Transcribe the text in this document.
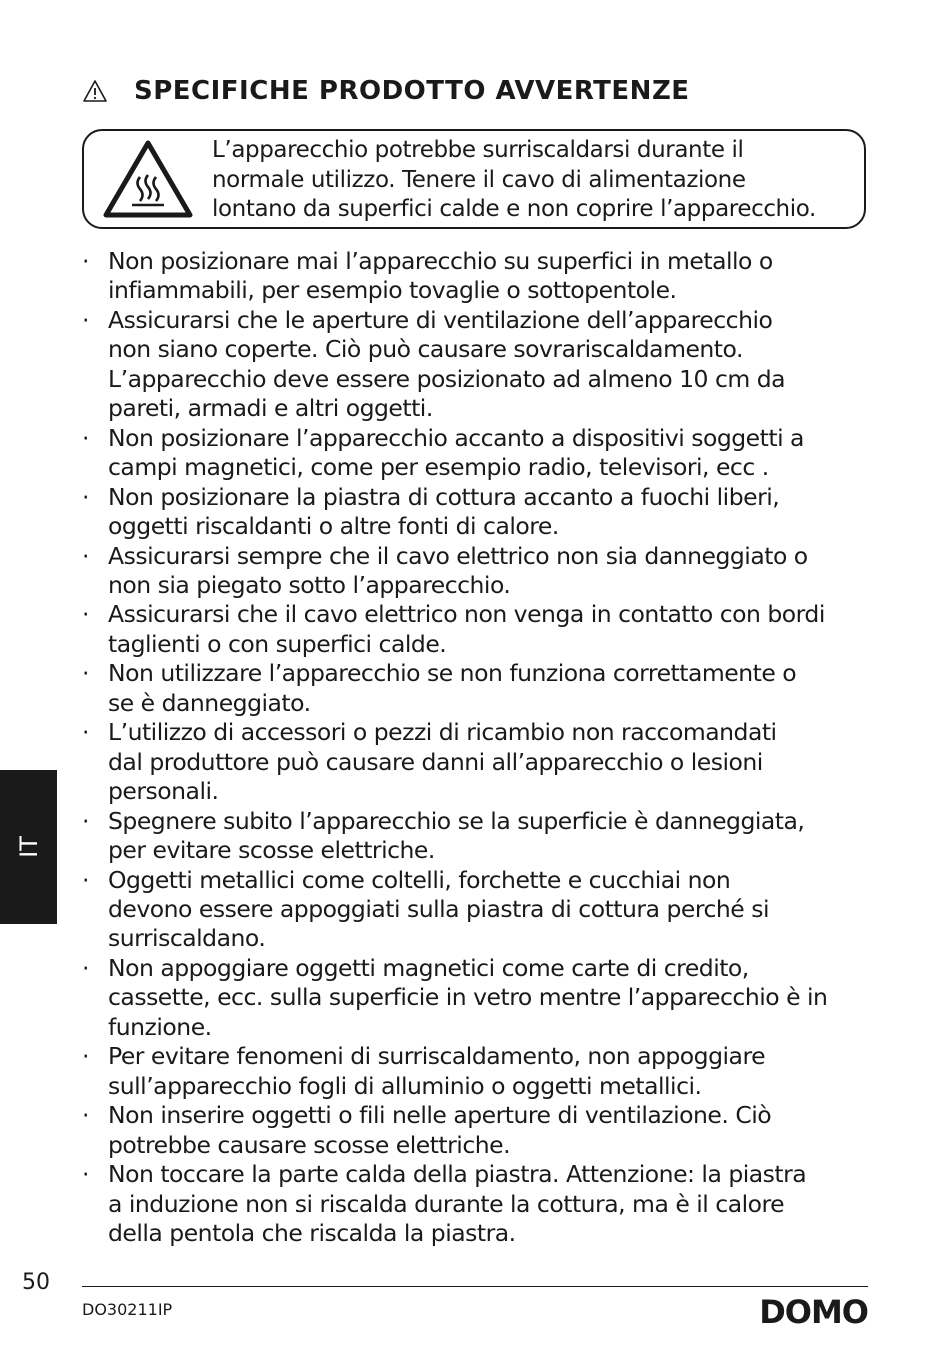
SPECIFICHE PRODOTTO AVVERTENZE
L’apparecchio potrebbe surriscaldarsi durante il
normale utilizzo. Tenere il cavo di alimentazione
lontano da superfici calde e non coprire l’apparecchio.
· Non posizionare mai l’apparecchio su superfici in metallo o
infiammabili, per esempio tovaglie o sottopentole.
· Assicurarsi che le aperture di ventilazione dell’apparecchio
non siano coperte. Ciò può causare sovrariscaldamento.
L’apparecchio deve essere posizionato ad almeno 10 cm da
pareti, armadi e altri oggetti.
· Non posizionare l’apparecchio accanto a dispositivi soggetti a
campi magnetici, come per esempio radio, televisori, ecc .
· Non posizionare la piastra di cottura accanto a fuochi liberi,
oggetti riscaldanti o altre fonti di calore.
· Assicurarsi sempre che il cavo elettrico non sia danneggiato o
non sia piegato sotto l’apparecchio.
· Assicurarsi che il cavo elettrico non venga in contatto con bordi
taglienti o con superfici calde.
· Non utilizzare l’apparecchio se non funziona correttamente o
se è danneggiato.
· L’utilizzo di accessori o pezzi di ricambio non raccomandati
dal produttore può causare danni all’apparecchio o lesioni
personali.
· Spegnere subito l’apparecchio se la superficie è danneggiata,
per evitare scosse elettriche.
· Oggetti metallici come coltelli, forchette e cucchiai non
devono essere appoggiati sulla piastra di cottura perché si
surriscaldano.
· Non appoggiare oggetti magnetici come carte di credito,
cassette, ecc. sulla superficie in vetro mentre l’apparecchio è in
funzione.
· Per evitare fenomeni di surriscaldamento, non appoggiare
sull’apparecchio fogli di alluminio o oggetti metallici.
· Non inserire oggetti o fili nelle aperture di ventilazione. Ciò
potrebbe causare scosse elettriche.
· Non toccare la parte calda della piastra. Attenzione: la piastra
a induzione non si riscalda durante la cottura, ma è il calore
della pentola che riscalda la piastra.
IT
50
DO30211IP	DOMO
